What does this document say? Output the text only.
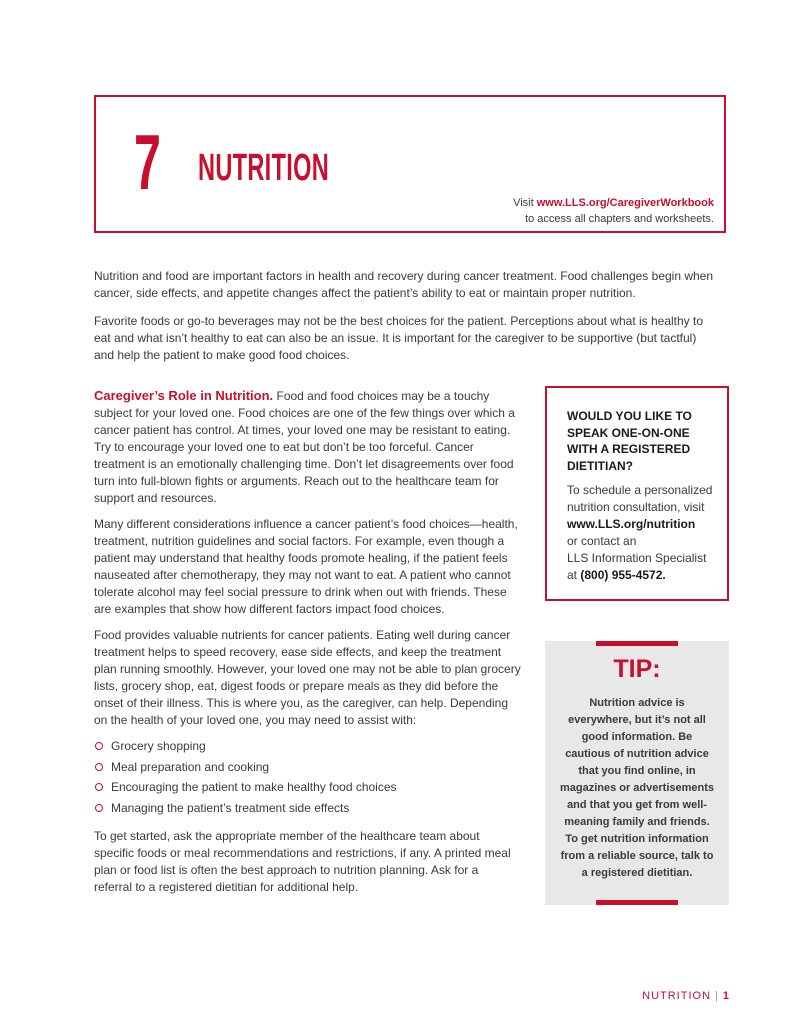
7 NUTRITION
Visit www.LLS.org/CaregiverWorkbook
to access all chapters and worksheets.

Nutrition and food are important factors in health and recovery during cancer treatment. Food challenges begin when cancer, side effects, and appetite changes affect the patient’s ability to eat or maintain proper nutrition.

Favorite foods or go-to beverages may not be the best choices for the patient. Perceptions about what is healthy to eat and what isn’t healthy to eat can also be an issue. It is important for the caregiver to be supportive (but tactful) and help the patient to make good food choices.

Caregiver’s Role in Nutrition. Food and food choices may be a touchy subject for your loved one. Food choices are one of the few things over which a cancer patient has control. At times, your loved one may be resistant to eating. Try to encourage your loved one to eat but don’t be too forceful. Cancer treatment is an emotionally challenging time. Don’t let disagreements over food turn into full-blown fights or arguments. Reach out to the healthcare team for support and resources.

Many different considerations influence a cancer patient’s food choices—health, treatment, nutrition guidelines and social factors. For example, even though a patient may understand that healthy foods promote healing, if the patient feels nauseated after chemotherapy, they may not want to eat. A patient who cannot tolerate alcohol may feel social pressure to drink when out with friends. These are examples that show how different factors impact food choices.

Food provides valuable nutrients for cancer patients. Eating well during cancer treatment helps to speed recovery, ease side effects, and keep the treatment plan running smoothly. However, your loved one may not be able to plan grocery lists, grocery shop, eat, digest foods or prepare meals as they did before the onset of their illness. This is where you, as the caregiver, can help. Depending on the health of your loved one, you may need to assist with:

Grocery shopping
Meal preparation and cooking
Encouraging the patient to make healthy food choices
Managing the patient’s treatment side effects

To get started, ask the appropriate member of the healthcare team about specific foods or meal recommendations and restrictions, if any. A printed meal plan or food list is often the best approach to nutrition planning. Ask for a referral to a registered dietitian for additional help.

WOULD YOU LIKE TO SPEAK ONE-ON-ONE WITH A REGISTERED DIETITIAN?

To schedule a personalized nutrition consultation, visit
www.LLS.org/nutrition
or contact an
LLS Information Specialist
at (800) 955-4572.
TIP:
Nutrition advice is everywhere, but it’s not all good information. Be cautious of nutrition advice that you find online, in magazines or advertisements and that you get from well-meaning family and friends. To get nutrition information from a reliable source, talk to a registered dietitian.
NUTRITION | 1
